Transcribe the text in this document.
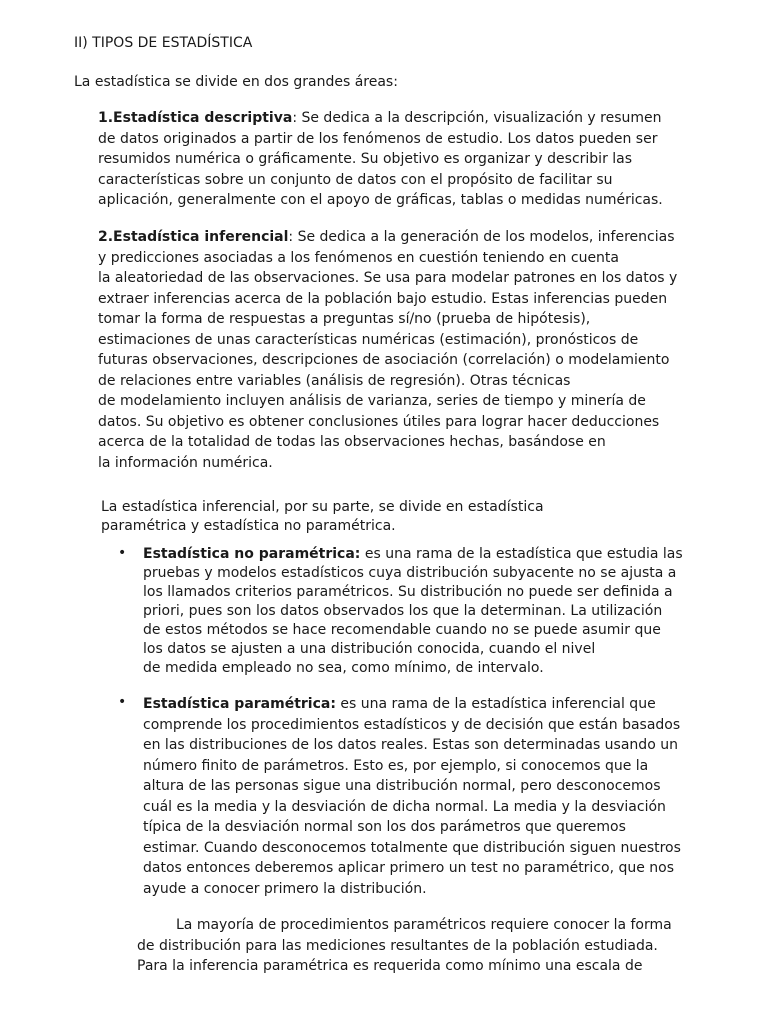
II) TIPOS DE ESTADÍSTICA
La estadística se divide en dos grandes áreas:
1.Estadística descriptiva: Se dedica a la descripción, visualización y resumen
de datos originados a partir de los fenómenos de estudio. Los datos pueden ser
resumidos numérica o gráficamente. Su objetivo es organizar y describir las
características sobre un conjunto de datos con el propósito de facilitar su
aplicación, generalmente con el apoyo de gráficas, tablas o medidas numéricas.
2.Estadística inferencial: Se dedica a la generación de los modelos, inferencias
y predicciones asociadas a los fenómenos en cuestión teniendo en cuenta
la aleatoriedad de las observaciones. Se usa para modelar patrones en los datos y
extraer inferencias acerca de la población bajo estudio. Estas inferencias pueden
tomar la forma de respuestas a preguntas sí/no (prueba de hipótesis),
estimaciones de unas características numéricas (estimación), pronósticos de
futuras observaciones, descripciones de asociación (correlación) o modelamiento
de relaciones entre variables (análisis de regresión). Otras técnicas
de modelamiento incluyen análisis de varianza, series de tiempo y minería de
datos. Su objetivo es obtener conclusiones útiles para lograr hacer deducciones
acerca de la totalidad de todas las observaciones hechas, basándose en
la información numérica.
La estadística inferencial, por su parte, se divide en estadística
paramétrica y estadística no paramétrica.
• Estadística no paramétrica: es una rama de la estadística que estudia las
pruebas y modelos estadísticos cuya distribución subyacente no se ajusta a
los llamados criterios paramétricos. Su distribución no puede ser definida a
priori, pues son los datos observados los que la determinan. La utilización
de estos métodos se hace recomendable cuando no se puede asumir que
los datos se ajusten a una distribución conocida, cuando el nivel
de medida empleado no sea, como mínimo, de intervalo.
• Estadística paramétrica: es una rama de la estadística inferencial que
comprende los procedimientos estadísticos y de decisión que están basados
en las distribuciones de los datos reales. Estas son determinadas usando un
número finito de parámetros. Esto es, por ejemplo, si conocemos que la
altura de las personas sigue una distribución normal, pero desconocemos
cuál es la media y la desviación de dicha normal. La media y la desviación
típica de la desviación normal son los dos parámetros que queremos
estimar. Cuando desconocemos totalmente que distribución siguen nuestros
datos entonces deberemos aplicar primero un test no paramétrico, que nos
ayude a conocer primero la distribución.
La mayoría de procedimientos paramétricos requiere conocer la forma
de distribución para las mediciones resultantes de la población estudiada.
Para la inferencia paramétrica es requerida como mínimo una escala de
